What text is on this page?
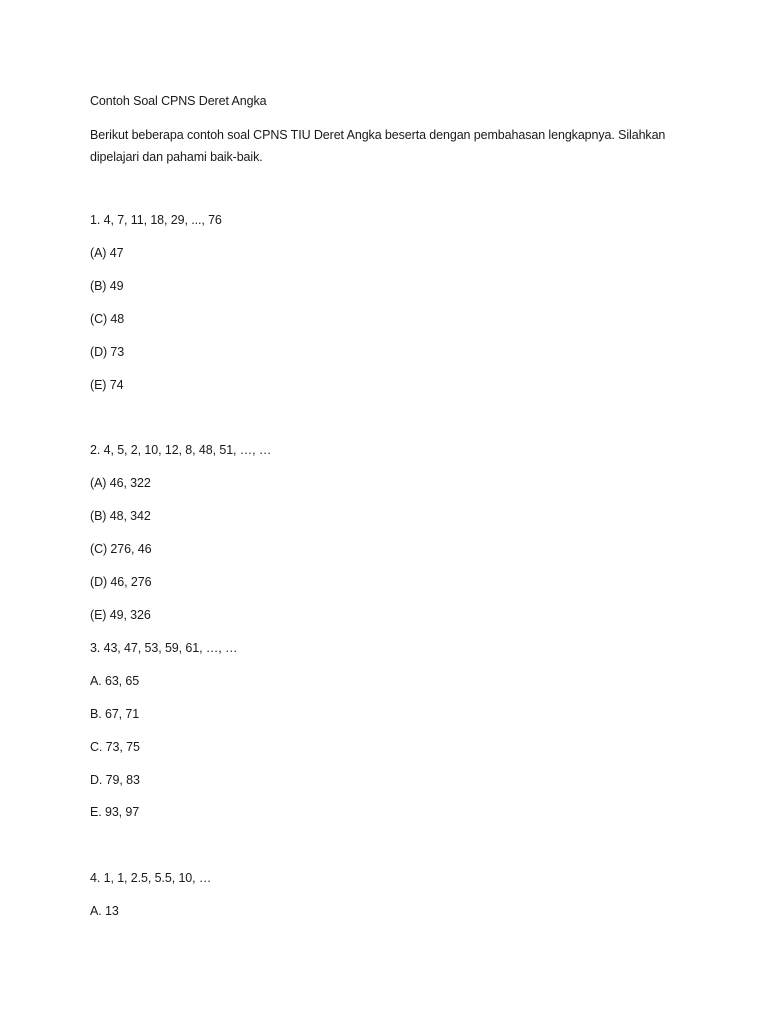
Contoh Soal CPNS Deret Angka
Berikut beberapa contoh soal CPNS TIU Deret Angka beserta dengan pembahasan lengkapnya. Silahkan dipelajari dan pahami baik-baik.
1. 4, 7, 11, 18, 29, ..., 76
(A) 47
(B) 49
(C) 48
(D) 73
(E) 74
2. 4, 5, 2, 10, 12, 8, 48, 51, …, …
(A) 46, 322
(B) 48, 342
(C) 276, 46
(D) 46, 276
(E) 49, 326
3. 43, 47, 53, 59, 61, …, …
A. 63, 65
B. 67, 71
C. 73, 75
D. 79, 83
E. 93, 97
4. 1, 1, 2.5, 5.5, 10, …
A. 13
